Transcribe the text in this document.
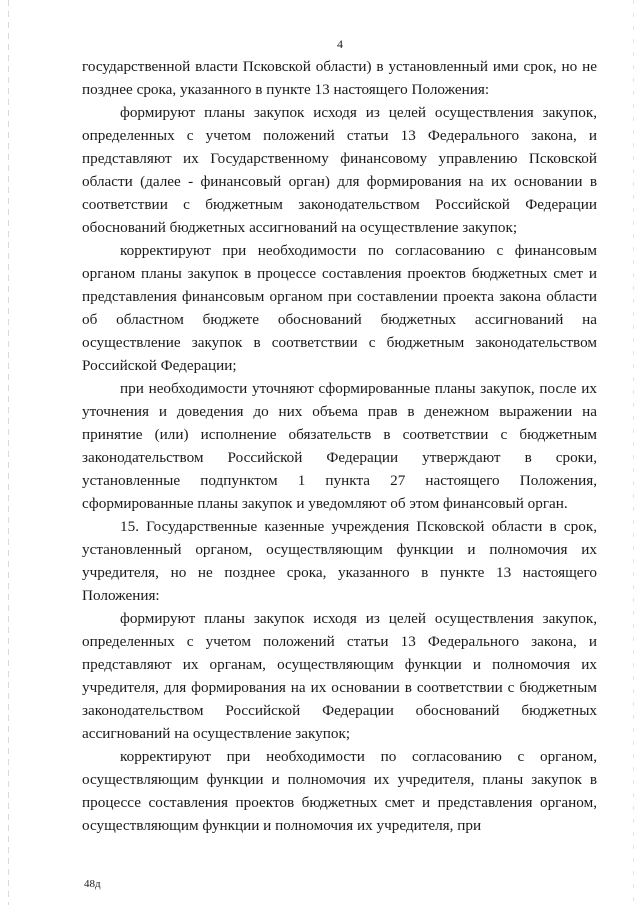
4

государственной власти Псковской области) в установленный ими срок, но не позднее срока, указанного в пункте 13 настоящего Положения:

формируют планы закупок исходя из целей осуществления закупок, определенных с учетом положений статьи 13 Федерального закона, и представляют их Государственному финансовому управлению Псковской области (далее - финансовый орган) для формирования на их основании в соответствии с бюджетным законодательством Российской Федерации обоснований бюджетных ассигнований на осуществление закупок;

корректируют при необходимости по согласованию с финансовым органом планы закупок в процессе составления проектов бюджетных смет и представления финансовым органом при составлении проекта закона области об областном бюджете обоснований бюджетных ассигнований на осуществление закупок в соответствии с бюджетным законодательством Российской Федерации;

при необходимости уточняют сформированные планы закупок, после их уточнения и доведения до них объема прав в денежном выражении на принятие (или) исполнение обязательств в соответствии с бюджетным законодательством Российской Федерации утверждают в сроки, установленные подпунктом 1 пункта 27 настоящего Положения, сформированные планы закупок и уведомляют об этом финансовый орган.

15. Государственные казенные учреждения Псковской области в срок, установленный органом, осуществляющим функции и полномочия их учредителя, но не позднее срока, указанного в пункте 13 настоящего Положения:

формируют планы закупок исходя из целей осуществления закупок, определенных с учетом положений статьи 13 Федерального закона, и представляют их органам, осуществляющим функции и полномочия их учредителя, для формирования на их основании в соответствии с бюджетным законодательством Российской Федерации обоснований бюджетных ассигнований на осуществление закупок;

корректируют при необходимости по согласованию с органом, осуществляющим функции и полномочия их учредителя, планы закупок в процессе составления проектов бюджетных смет и представления органом, осуществляющим функции и полномочия их учредителя, при

48д
